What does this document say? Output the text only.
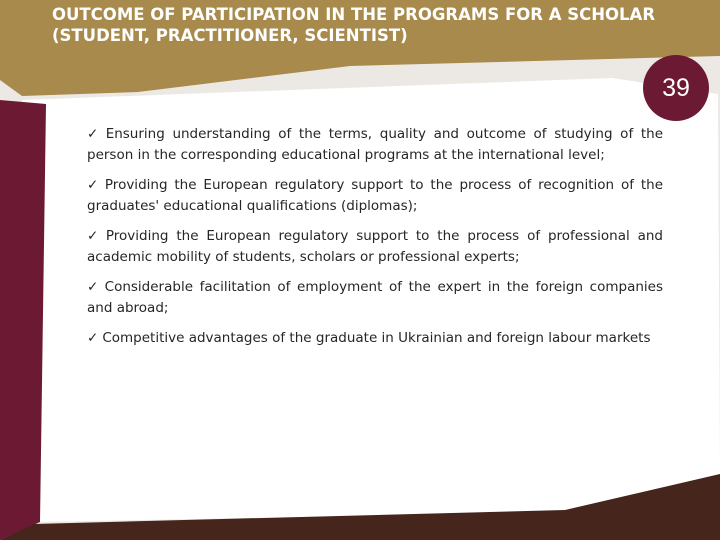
OUTCOME OF PARTICIPATION IN THE PROGRAMS FOR A SCHOLAR
(STUDENT, PRACTITIONER, SCIENTIST)
39

✓ Ensuring understanding of the terms, quality and outcome of studying of the person in the corresponding educational programs at the international level;

✓ Providing the European regulatory support to the process of recognition of the graduates' educational qualifications (diplomas);

✓ Providing the European regulatory support to the process of professional and academic mobility of students, scholars or professional experts;

✓ Considerable facilitation of employment of the expert in the foreign companies and abroad;

✓ Competitive advantages of the graduate in Ukrainian and foreign labour markets
